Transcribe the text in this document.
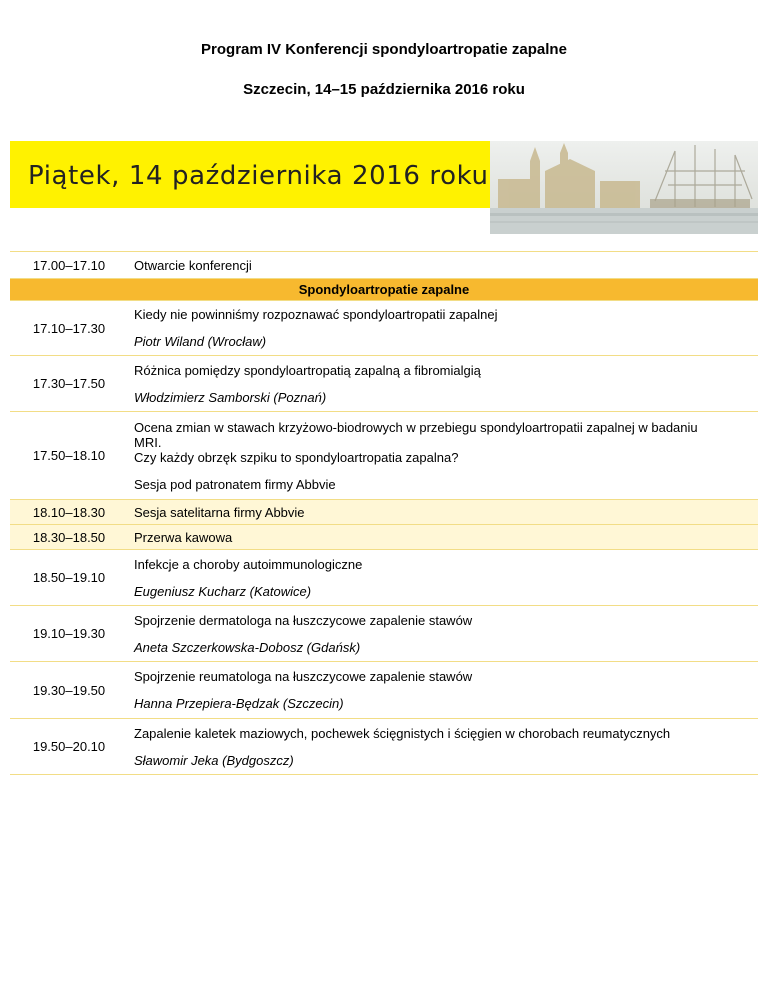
Program IV Konferencji spondyloartropatie zapalne
Szczecin, 14–15 października 2016 roku
Piątek, 14 października 2016 roku
17.00–17.10	Otwarcie konferencji
Spondyloartropatie zapalne	
17.10–17.30	Kiedy nie powinniśmy rozpoznawać spondyloartropatii zapalnej
Piotr Wiland (Wrocław)

17.30–17.50	Różnica pomiędzy spondyloartropatią zapalną a fibromialgią
Włodzimierz Samborski (Poznań)

17.50–18.10	Ocena zmian w stawach krzyżowo-biodrowych w przebiegu spondyloartropatii zapalnej w badaniu
MRI.
Czy każdy obrzęk szpiku to spondyloartropatia zapalna?
Sesja pod patronatem firmy Abbvie

18.10–18.30	Sesja satelitarna firmy Abbvie
18.30–18.50	Przerwa kawowa
18.50–19.10	Infekcje a choroby autoimmunologiczne
Eugeniusz Kucharz (Katowice)

19.10–19.30	Spojrzenie dermatologa na łuszczycowe zapalenie stawów
Aneta Szczerkowska-Dobosz (Gdańsk)

19.30–19.50	Spojrzenie reumatologa na łuszczycowe zapalenie stawów
Hanna Przepiera-Będzak (Szczecin)

19.50–20.10	Zapalenie kaletek maziowych, pochewek ścięgnistych i ścięgien w chorobach reumatycznych
Sławomir Jeka (Bydgoszcz)
